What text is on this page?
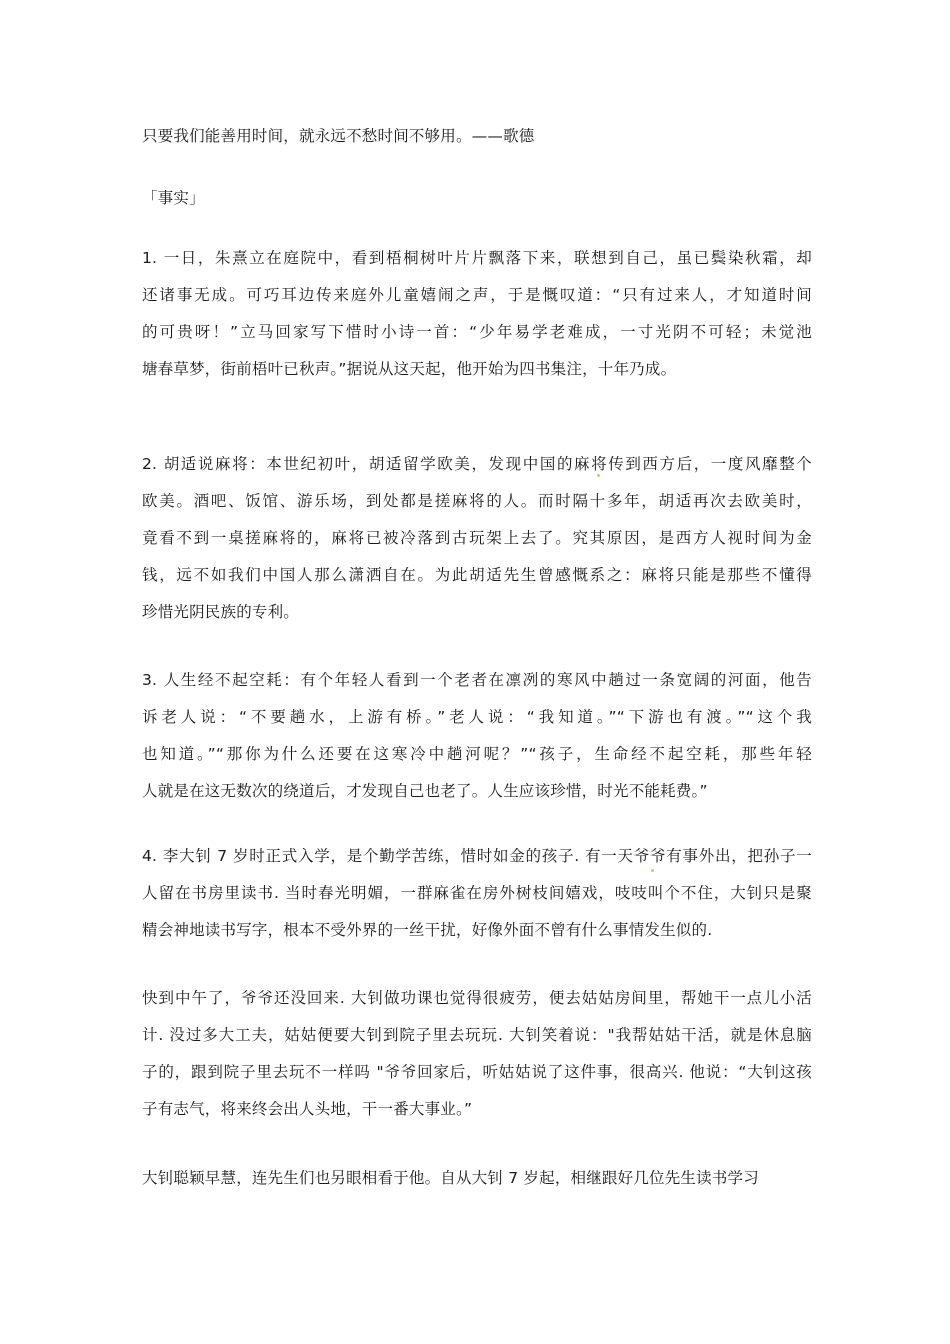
只要我们能善用时间，就永远不愁时间不够用。——歌德

「事实」

1. 一日，朱熹立在庭院中，看到梧桐树叶片片飘落下来，联想到自己，虽已鬓染秋霜，却
还诸事无成。可巧耳边传来庭外儿童嬉闹之声，于是慨叹道：“只有过来人，才知道时间
的可贵呀！”立马回家写下惜时小诗一首：“少年易学老难成，一寸光阴不可轻；未觉池
塘春草梦，街前梧叶已秋声。”据说从这天起，他开始为四书集注，十年乃成。

2. 胡适说麻将：本世纪初叶，胡适留学欧美，发现中国的麻将传到西方后，一度风靡整个
欧美。酒吧、饭馆、游乐场，到处都是搓麻将的人。而时隔十多年，胡适再次去欧美时，
竟看不到一桌搓麻将的，麻将已被冷落到古玩架上去了。究其原因，是西方人视时间为金
钱，远不如我们中国人那么潇洒自在。为此胡适先生曾感慨系之：麻将只能是那些不懂得
珍惜光阴民族的专利。

3. 人生经不起空耗：有个年轻人看到一个老者在凛冽的寒风中趟过一条宽阔的河面，他告
诉老人说：“不要趟水，上游有桥。”老人说：“我知道。”“下游也有渡。”“这个我
也知道。”“那你为什么还要在这寒冷中趟河呢？”“孩子，生命经不起空耗，那些年轻
人就是在这无数次的绕道后，才发现自己也老了。人生应该珍惜，时光不能耗费。”

4. 李大钊 7 岁时正式入学，是个勤学苦练，惜时如金的孩子. 有一天爷爷有事外出，把孙子一
人留在书房里读书. 当时春光明媚，一群麻雀在房外树枝间嬉戏，吱吱叫个不住，大钊只是聚
精会神地读书写字，根本不受外界的一丝干扰，好像外面不曾有什么事情发生似的.

快到中午了，爷爷还没回来. 大钊做功课也觉得很疲劳，便去姑姑房间里，帮她干一点儿小活
计. 没过多大工夫，姑姑便要大钊到院子里去玩玩. 大钊笑着说："我帮姑姑干活，就是休息脑
子的，跟到院子里去玩不一样吗 "爷爷回家后，听姑姑说了这件事，很高兴. 他说：“大钊这孩
子有志气，将来终会出人头地，干一番大事业。”

大钊聪颖早慧，连先生们也另眼相看于他。自从大钊 7 岁起，相继跟好几位先生读书学习
